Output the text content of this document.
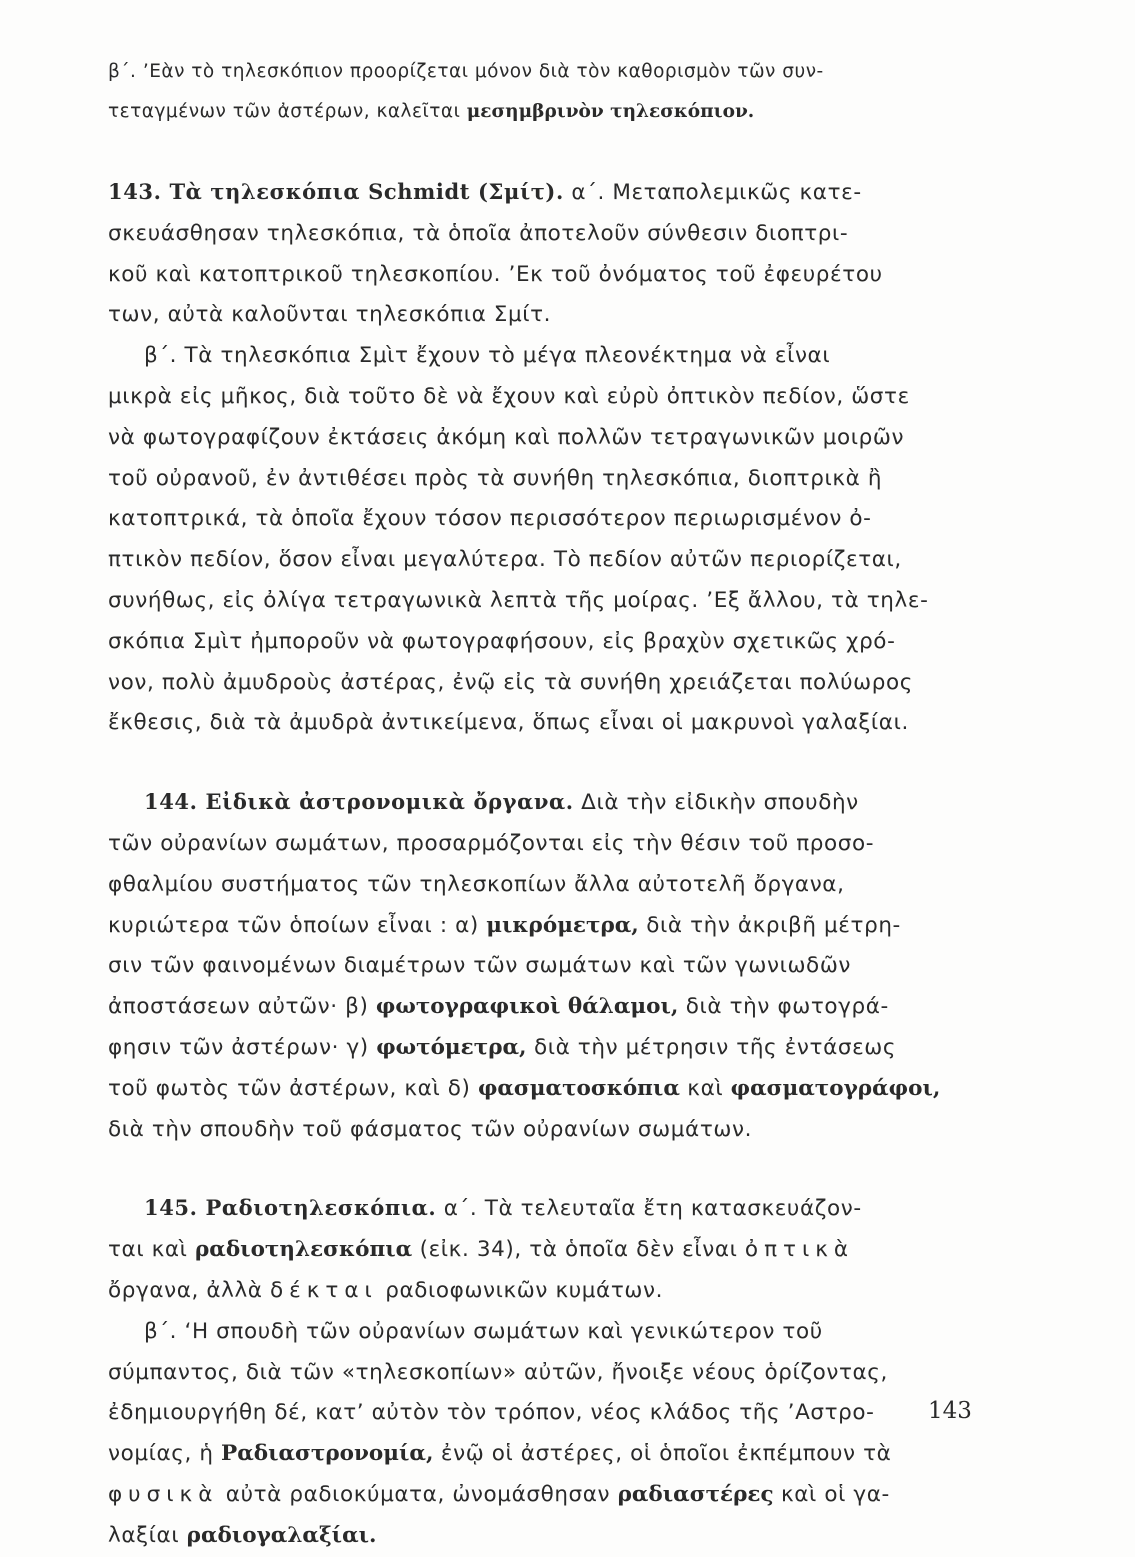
β΄. ’Εὰν τὸ τηλεσκόπιον προορίζεται μόνον διὰ τὸν καθορισμὸν τῶν συν-
τεταγμένων τῶν ἀστέρων, καλεῖται μεσημβρινὸν τηλεσκόπιον.
143. Τὰ τηλεσκόπια Schmidt (Σμίτ). α΄. Μεταπολεμικῶς κατε-
σκευάσθησαν τηλεσκόπια, τὰ ὁποῖα ἀποτελοῦν σύνθεσιν διοπτρι-
κοῦ καὶ κατοπτρικοῦ τηλεσκοπίου. ’Εκ τοῦ ὀνόματος τοῦ ἐφευρέτου
των, αὐτὰ καλοῦνται τηλεσκόπια Σμίτ.
β΄. Τὰ τηλεσκόπια Σμὶτ ἔχουν τὸ μέγα πλεονέκτημα νὰ εἶναι
μικρὰ εἰς μῆκος, διὰ τοῦτο δὲ νὰ ἔχουν καὶ εὐρὺ ὀπτικὸν πεδίον, ὥστε
νὰ φωτογραφίζουν ἐκτάσεις ἀκόμη καὶ πολλῶν τετραγωνικῶν μοιρῶν
τοῦ οὐρανοῦ, ἐν ἀντιθέσει πρὸς τὰ συνήθη τηλεσκόπια, διοπτρικὰ ἢ
κατοπτρικά, τὰ ὁποῖα ἔχουν τόσον περισσότερον περιωρισμένον ὀ-
πτικὸν πεδίον, ὅσον εἶναι μεγαλύτερα. Τὸ πεδίον αὐτῶν περιορίζεται,
συνήθως, εἰς ὀλίγα τετραγωνικὰ λεπτὰ τῆς μοίρας. ’Εξ ἄλλου, τὰ τηλε-
σκόπια Σμὶτ ἠμποροῦν νὰ φωτογραφήσουν, εἰς βραχὺν σχετικῶς χρό-
νον, πολὺ ἀμυδροὺς ἀστέρας, ἐνῷ εἰς τὰ συνήθη χρειάζεται πολύωρος
ἔκθεσις, διὰ τὰ ἀμυδρὰ ἀντικείμενα, ὅπως εἶναι οἱ μακρυνοὶ γαλαξίαι.
144. Εἰδικὰ ἀστρονομικὰ ὄργανα. Διὰ τὴν εἰδικὴν σπουδὴν
τῶν οὐρανίων σωμάτων, προσαρμόζονται εἰς τὴν θέσιν τοῦ προσο-
φθαλμίου συστήματος τῶν τηλεσκοπίων ἄλλα αὐτοτελῆ ὄργανα,
κυριώτερα τῶν ὁποίων εἶναι : α) μικρόμετρα, διὰ τὴν ἀκριβῆ μέτρη-
σιν τῶν φαινομένων διαμέτρων τῶν σωμάτων καὶ τῶν γωνιωδῶν
ἀποστάσεων αὐτῶν· β) φωτογραφικοὶ θάλαμοι, διὰ τὴν φωτογρά-
φησιν τῶν ἀστέρων· γ) φωτόμετρα, διὰ τὴν μέτρησιν τῆς ἐντάσεως
τοῦ φωτὸς τῶν ἀστέρων, καὶ δ) φασματοσκόπια καὶ φασματογράφοι,
διὰ τὴν σπουδὴν τοῦ φάσματος τῶν οὐρανίων σωμάτων.
145. Ραδιοτηλεσκόπια. α΄. Τὰ τελευταῖα ἔτη κατασκευάζον-
ται καὶ ραδιοτηλεσκόπια (εἰκ. 34), τὰ ὁποῖα δὲν εἶναι ὀπτικὰ
ὄργανα, ἀλλὰ δέκται ραδιοφωνικῶν κυμάτων.
β΄. ‘Η σπουδὴ τῶν οὐρανίων σωμάτων καὶ γενικώτερον τοῦ
σύμπαντος, διὰ τῶν «τηλεσκοπίων» αὐτῶν, ἤνοιξε νέους ὁρίζοντας,
ἐδημιουργήθη δέ, κατ’ αὐτὸν τὸν τρόπον, νέος κλάδος τῆς ’Αστρο-
νομίας, ἡ Ραδιαστρονομία, ἐνῷ οἱ ἀστέρες, οἱ ὁποῖοι ἐκπέμπουν τὰ
φυσικὰ αὐτὰ ραδιοκύματα, ὠνομάσθησαν ραδιαστέρες καὶ οἱ γα-
λαξίαι ραδιογαλαξίαι.
143
